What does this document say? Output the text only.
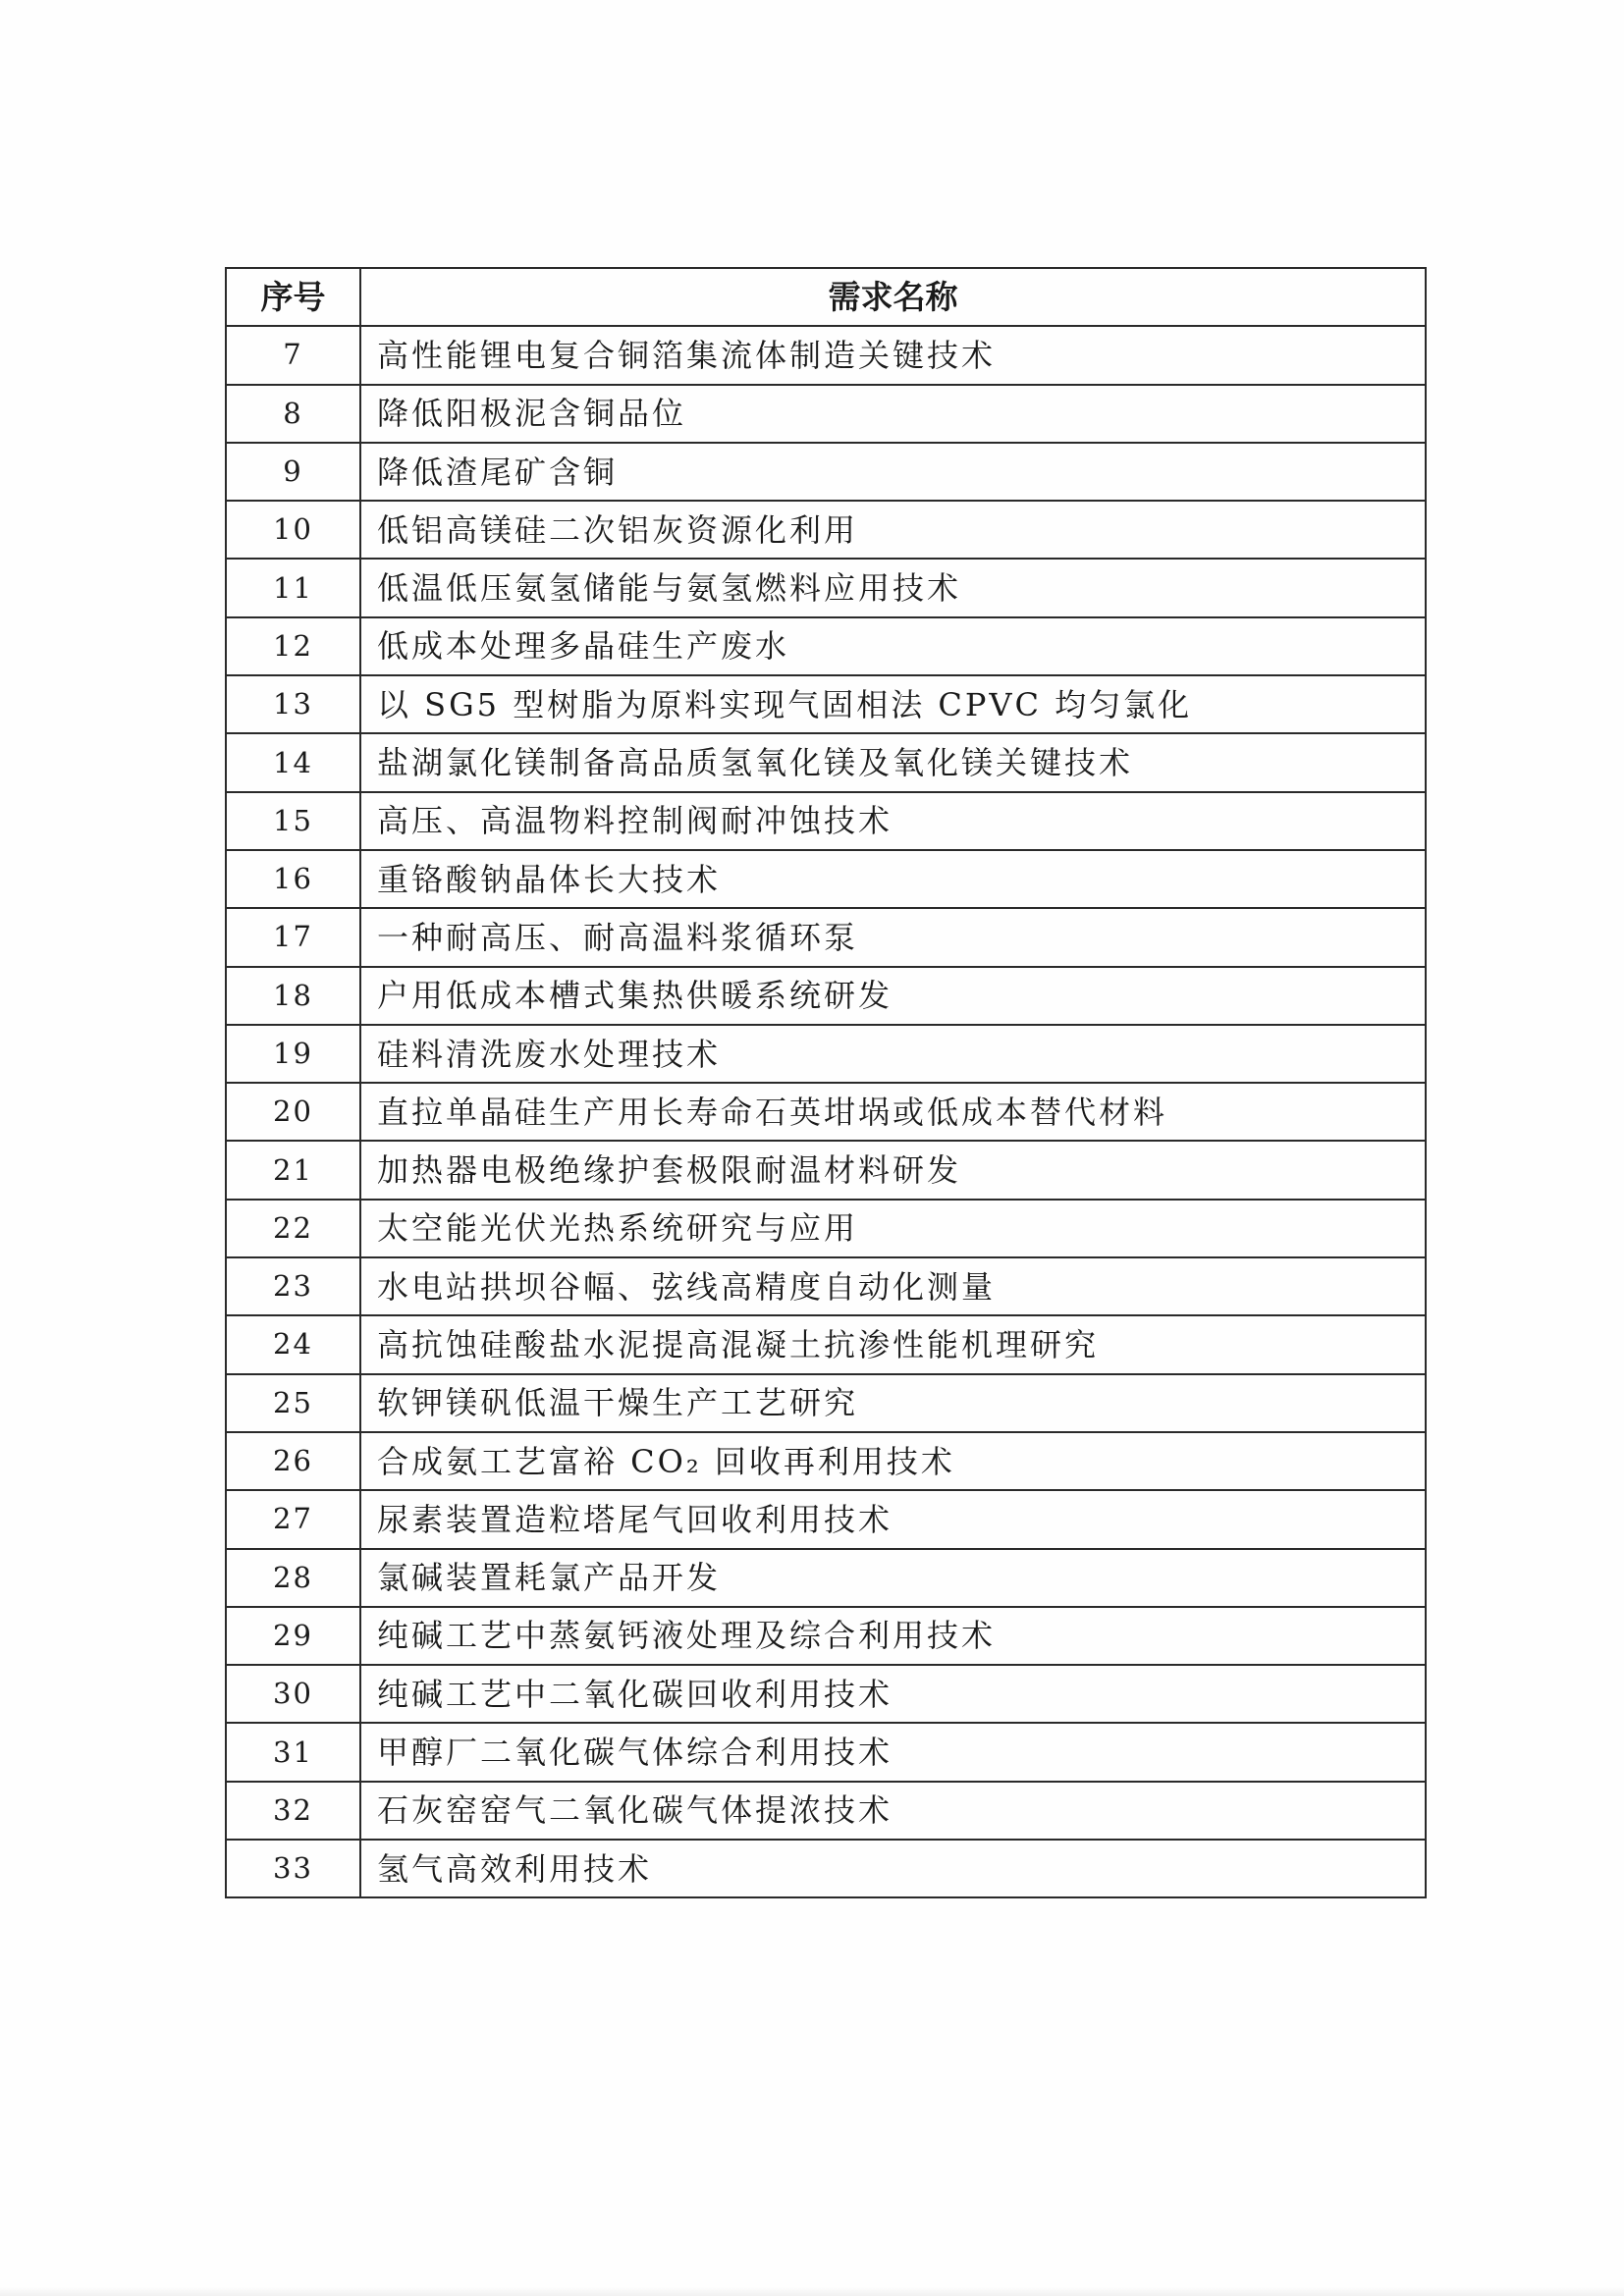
序号	需求名称
7	高性能锂电复合铜箔集流体制造关键技术
8	降低阳极泥含铜品位
9	降低渣尾矿含铜
10	低铝高镁硅二次铝灰资源化利用
11	低温低压氨氢储能与氨氢燃料应用技术
12	低成本处理多晶硅生产废水
13	以 SG5 型树脂为原料实现气固相法 CPVC 均匀氯化
14	盐湖氯化镁制备高品质氢氧化镁及氧化镁关键技术
15	高压、高温物料控制阀耐冲蚀技术
16	重铬酸钠晶体长大技术
17	一种耐高压、耐高温料浆循环泵
18	户用低成本槽式集热供暖系统研发
19	硅料清洗废水处理技术
20	直拉单晶硅生产用长寿命石英坩埚或低成本替代材料
21	加热器电极绝缘护套极限耐温材料研发
22	太空能光伏光热系统研究与应用
23	水电站拱坝谷幅、弦线高精度自动化测量
24	高抗蚀硅酸盐水泥提高混凝土抗渗性能机理研究
25	软钾镁矾低温干燥生产工艺研究
26	合成氨工艺富裕 CO₂ 回收再利用技术
27	尿素装置造粒塔尾气回收利用技术
28	氯碱装置耗氯产品开发
29	纯碱工艺中蒸氨钙液处理及综合利用技术
30	纯碱工艺中二氧化碳回收利用技术
31	甲醇厂二氧化碳气体综合利用技术
32	石灰窑窑气二氧化碳气体提浓技术
33	氢气高效利用技术
